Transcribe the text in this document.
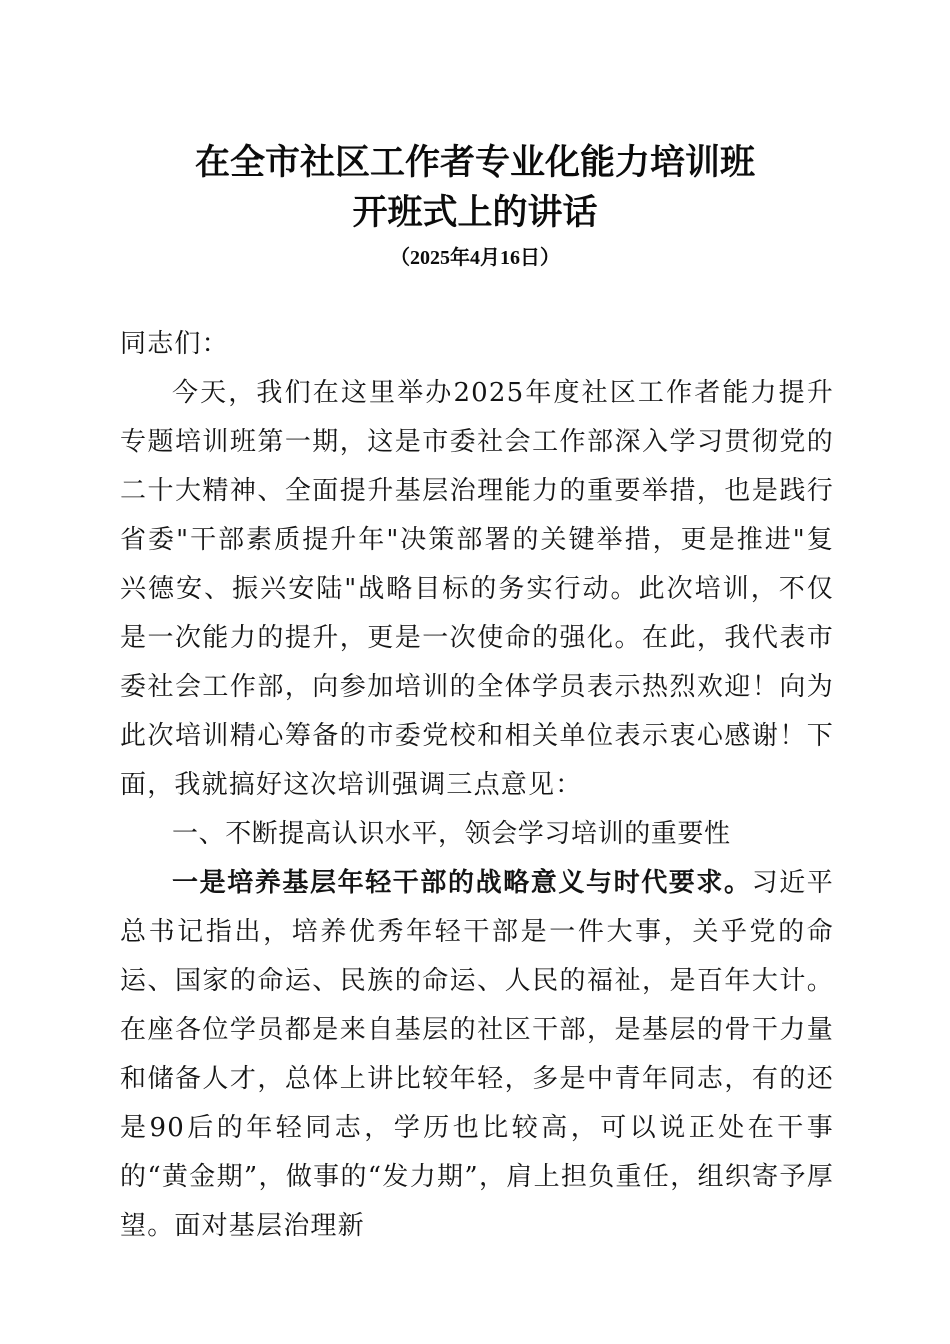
在全市社区工作者专业化能力培训班
开班式上的讲话
（2025年4月16日）

同志们：

今天，我们在这里举办2025年度社区工作者能力提升专题培训班第一期，这是市委社会工作部深入学习贯彻党的二十大精神、全面提升基层治理能力的重要举措，也是践行省委"干部素质提升年"决策部署的关键举措，更是推进"复兴德安、振兴安陆"战略目标的务实行动。此次培训，不仅是一次能力的提升，更是一次使命的强化。在此，我代表市委社会工作部，向参加培训的全体学员表示热烈欢迎！向为此次培训精心筹备的市委党校和相关单位表示衷心感谢！下面，我就搞好这次培训强调三点意见：

一、不断提高认识水平，领会学习培训的重要性

一是培养基层年轻干部的战略意义与时代要求。习近平总书记指出，培养优秀年轻干部是一件大事，关乎党的命运、国家的命运、民族的命运、人民的福祉，是百年大计。在座各位学员都是来自基层的社区干部，是基层的骨干力量和储备人才，总体上讲比较年轻，多是中青年同志，有的还是90后的年轻同志，学历也比较高，可以说正处在干事的“黄金期”，做事的“发力期”，肩上担负重任，组织寄予厚望。面对基层治理新
